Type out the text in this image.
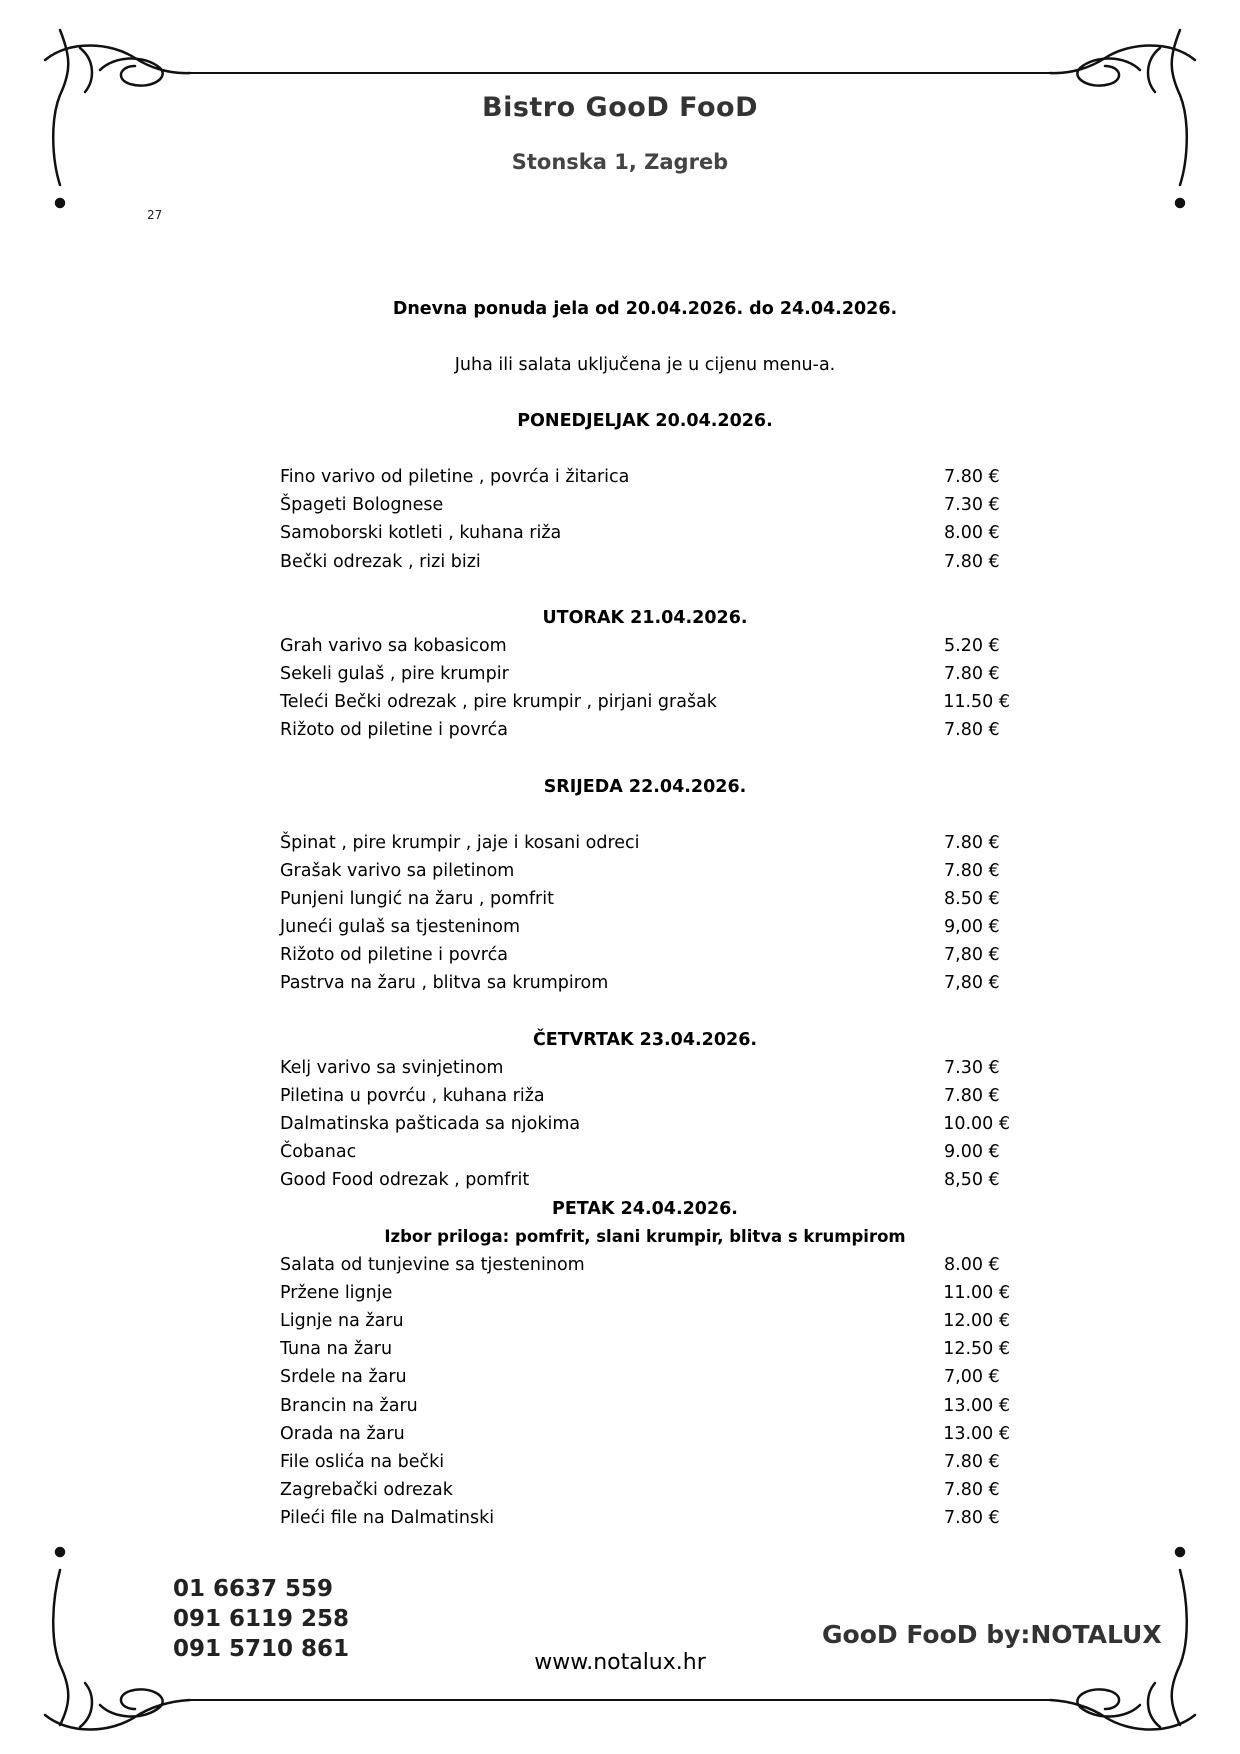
Bistro GooD FooD
Stonska 1, Zagreb
27
Dnevna ponuda jela od 20.04.2026. do 24.04.2026.
Juha ili salata uključena je u cijenu menu-a.
PONEDJELJAK 20.04.2026.
Fino varivo od piletine , povrća i žitarica	7.80 €
Špageti Bolognese	7.30 €
Samoborski kotleti , kuhana riža	8.00 €
Bečki odrezak , rizi bizi	7.80 €
UTORAK 21.04.2026.
Grah varivo sa kobasicom	5.20 €
Sekeli gulaš , pire krumpir	7.80 €
Teleći Bečki odrezak , pire krumpir , pirjani grašak	11.50 €
Rižoto od piletine i povrća	7.80 €
SRIJEDA 22.04.2026.
Špinat , pire krumpir , jaje i kosani odreci	7.80 €
Grašak varivo sa piletinom	7.80 €
Punjeni lungić na žaru , pomfrit	8.50 €
Juneći gulaš sa tjesteninom	9,00 €
Rižoto od piletine i povrća	7,80 €
Pastrva na žaru , blitva sa krumpirom	7,80 €
ČETVRTAK 23.04.2026.
Kelj varivo sa svinjetinom	7.30 €
Piletina u povrću , kuhana riža	7.80 €
Dalmatinska pašticada sa njokima	10.00 €
Čobanac	9.00 €
Good Food odrezak , pomfrit	8,50 €
PETAK 24.04.2026.
Izbor priloga: pomfrit, slani krumpir, blitva s krumpirom
Salata od tunjevine sa tjesteninom	8.00 €
Pržene lignje	11.00 €
Lignje na žaru	12.00 €
Tuna na žaru	12.50 €
Srdele na žaru	7,00 €
Brancin na žaru	13.00 €
Orada na žaru	13.00 €
File oslića na bečki	7.80 €
Zagrebački odrezak	7.80 €
Pileći file na Dalmatinski	7.80 €
01 6637 559
091 6119 258
091 5710 861	GooD FooD by:NOTALUX
www.notalux.hr
